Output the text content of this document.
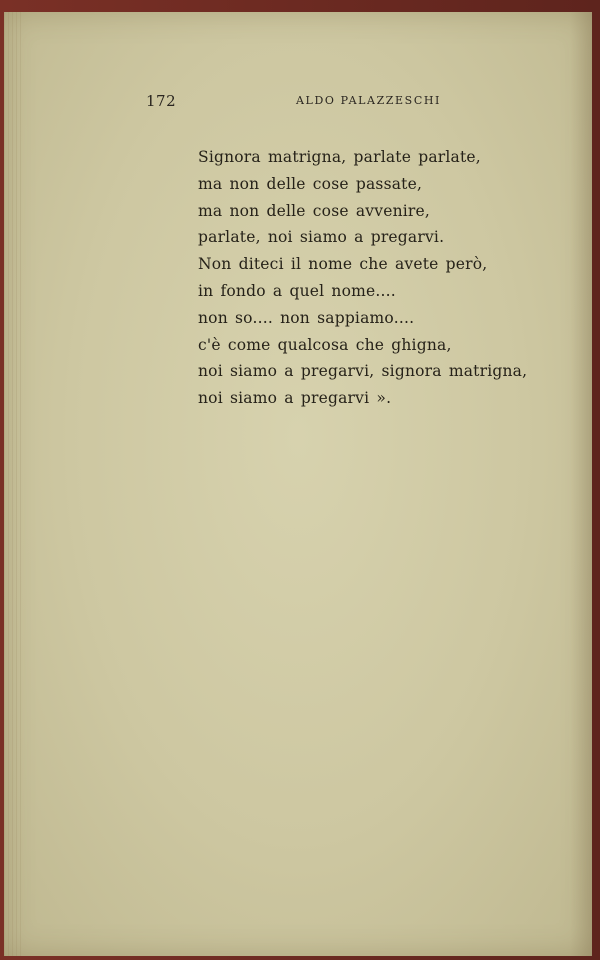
172	ALDO PALAZZESCHI
Signora matrigna, parlate parlate,
ma non delle cose passate,
ma non delle cose avvenire,
parlate, noi siamo a pregarvi.
Non diteci il nome che avete però,
in fondo a quel nome....
non so.... non sappiamo....
c'è come qualcosa che ghigna,
noi siamo a pregarvi, signora matrigna,
noi siamo a pregarvi ».
